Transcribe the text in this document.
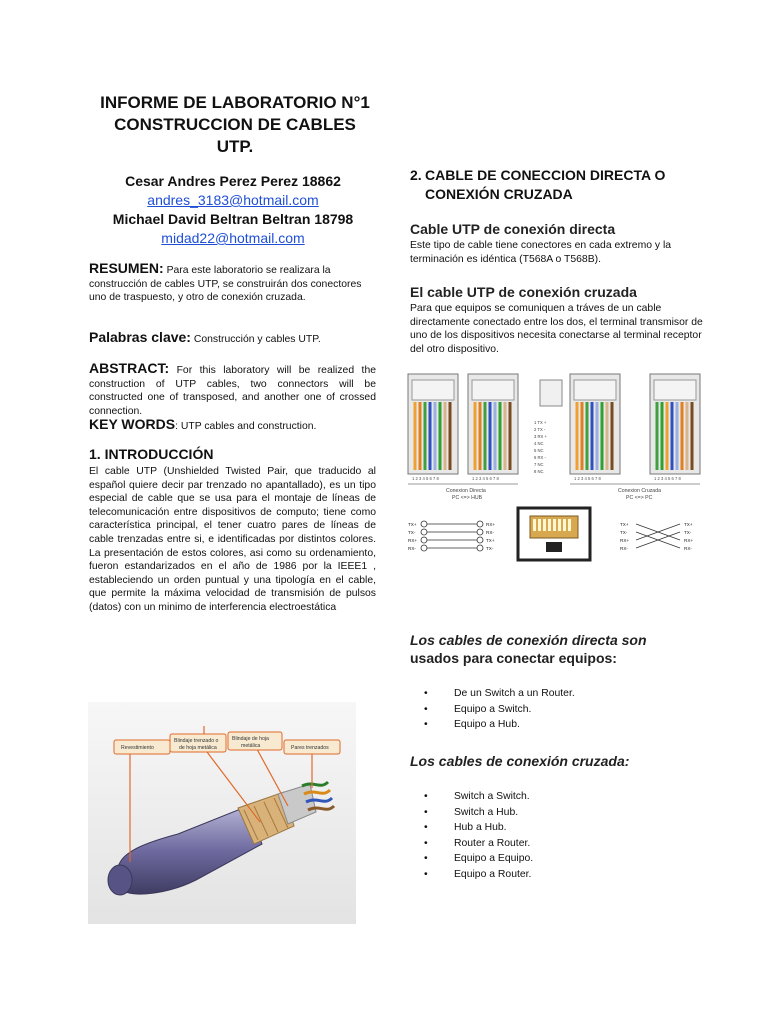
INFORME DE LABORATORIO N°1
CONSTRUCCION DE CABLES
UTP.
Cesar Andres Perez Perez 18862
andres_3183@hotmail.com
Michael David Beltran Beltran 18798
midad22@hotmail.com
RESUMEN: Para este laboratorio se realizara la construcción de cables UTP, se construirán dos conectores uno de traspuesto, y otro de conexión cruzada.
Palabras clave: Construcción y cables UTP.
ABSTRACT: For this laboratory will be realized the construction of UTP cables, two connectors will be constructed one of transposed, and another one of crossed connection.
KEY WORDS: UTP cables and construction.
1. INTRODUCCIÓN
El cable UTP (Unshielded Twisted Pair, que traducido al español quiere decir par trenzado no apantallado), es un tipo especial de cable que se usa para el montaje de líneas de telecomunicación entre dispositivos de computo; tiene como característica principal, el tener cuatro pares de líneas de cable trenzadas entre si, e identificadas por distintos colores. La presentación de estos colores, asi como su ordenamiento, fueron estandarizados en el año de 1986 por la IEEE1 , estableciendo un orden puntual y una tipología en el cable, que permite la máxima velocidad de transmisión de pulsos (datos) con un minimo de interferencia electroestática
Revestimiento
Blindaje trenzado o
de hoja metálica
Blindaje de hoja
metálica	Pares trenzados
2. CABLE DE CONECCION DIRECTA O
CONEXIÓN CRUZADA
Cable UTP de conexión directa
Este tipo de cable tiene conectores en cada extremo y la terminación es idéntica (T568A o T568B).
El cable UTP de conexión cruzada
Para que equipos se comuniquen a tráves de un cable directamente conectado entre los dos, el terminal transmisor de uno de los dispositivos necesita conectarse al terminal receptor del otro dispositivo.
1 TX +
2 TX -
3 RX +
4 NC
5 NC
6 RX -
7 NC
8 NC
1 2 3 4 5 6 7 8	1 2 3 4 5 6 7 8	1 2 3 4 5 6 7 8	1 2 3 4 5 6 7 8
Conexion Directa
PC <=> HUB
Conexion Cruzada
PC <=> PC
TX+
TX-
RX+
RX-
RX+
RX-
TX+
TX-
TX+
TX-
RX+
RX-
TX+
TX-
RX+
RX-
Los cables de conexión directa son
usados para conectar equipos:
• De un Switch a un Router.
• Equipo a Switch.
• Equipo a Hub.
Los cables de conexión cruzada:
• Switch a Switch.
• Switch a Hub.
• Hub a Hub.
• Router a Router.
• Equipo a Equipo.
• Equipo a Router.
